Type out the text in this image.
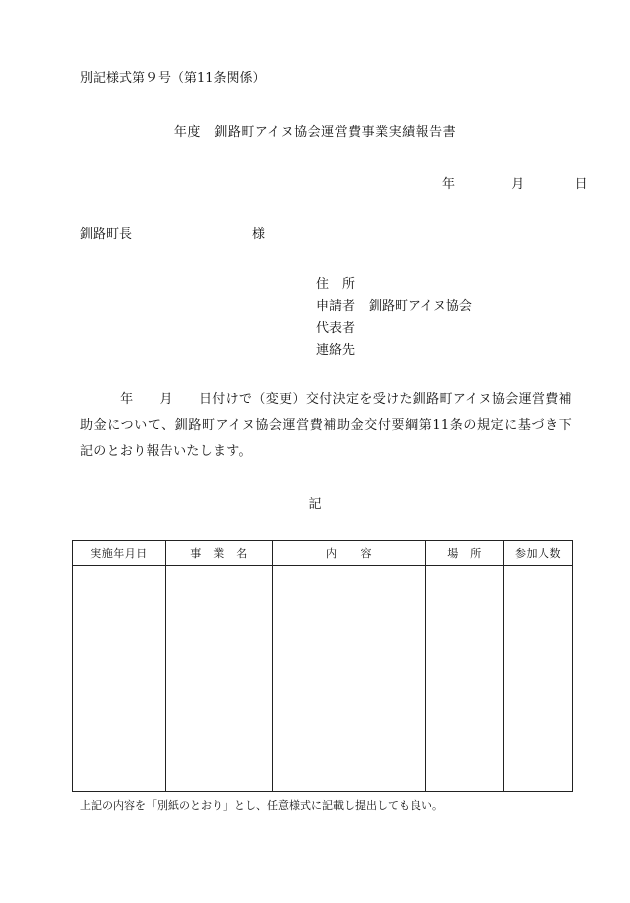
別記様式第９号（第11条関係）
年度　釧路町アイヌ協会運営費事業実績報告書
年	月	日
釧路町長	様
住　所
申請者 釧路町アイヌ協会
代表者
連絡先
年 月 日付けで（変更）交付決定を受けた釧路町アイヌ協会運営費補助金について、釧路町アイヌ協会運営費補助金交付要綱第11条の規定に基づき下記のとおり報告いたします。
記
実施年月日	事　業　名	内　　容	場　所	参加人数

上記の内容を「別紙のとおり」とし、任意様式に記載し提出しても良い。
